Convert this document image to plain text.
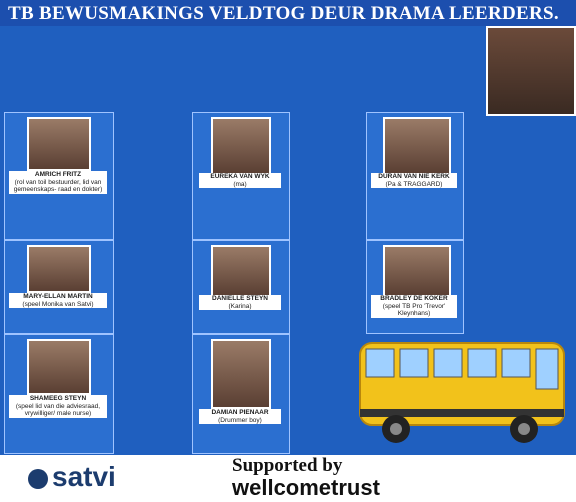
TB BEWUSMAKINGS VELDTOG DEUR DRAMA LEERDERS.
AMRICH FRITZ
(rol van toil bestuurder, lid van gemeenskaps- raad en dokter)
EUREKA VAN WYK
(ma)
DURAN VAN NIE KERK
(Pa & TRAGGARD)
MARY-ELLAN MARTIN
(speel Monika van Satvi)
DANIELLE STEYN
(Karina)
BRADLEY DE KOKER
(speel TB Pro 'Trevor' Kleynhans)
SHAMEEG STEYN
(speel lid van die adviesraad, vrywilliger/ male nurse)	DAMIAN PIENAAR
(Drummer boy)
satvi	Supported by
wellcometrust
